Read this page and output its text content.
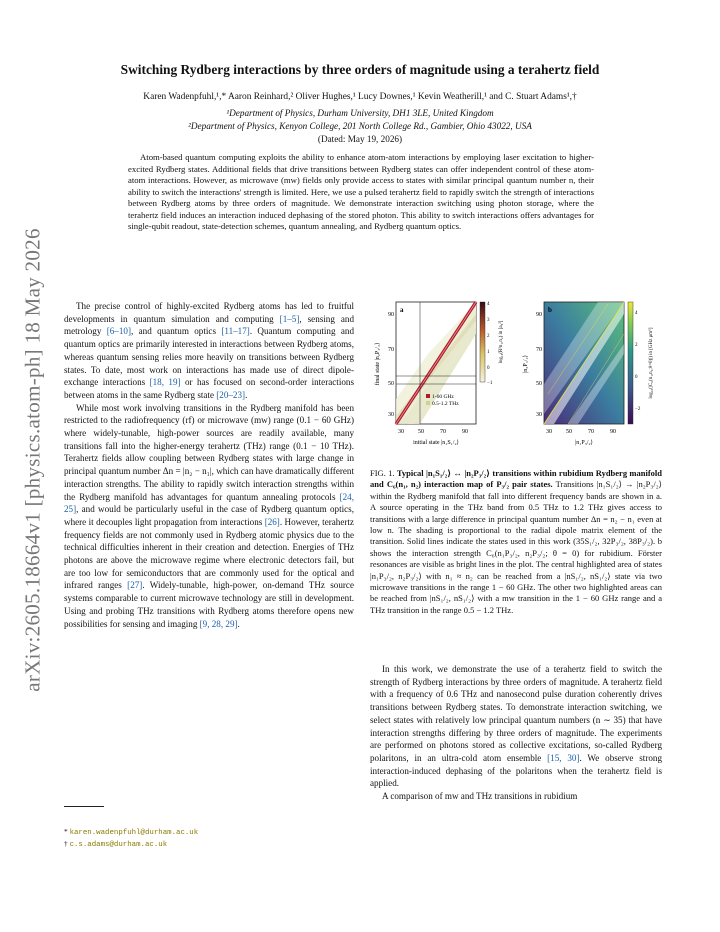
arXiv:2605.18664v1 [physics.atom-ph] 18 May 2026
Switching Rydberg interactions by three orders of magnitude using a terahertz field
Karen Wadenpfuhl,¹,* Aaron Reinhard,² Oliver Hughes,¹ Lucy Downes,¹ Kevin Weatherill,¹ and C. Stuart Adams¹,†
¹Department of Physics, Durham University, DH1 3LE, United Kingdom
²Department of Physics, Kenyon College, 201 North College Rd., Gambier, Ohio 43022, USA
(Dated: May 19, 2026)
Atom-based quantum computing exploits the ability to enhance atom-atom interactions by employing laser excitation to higher-excited Rydberg states. Additional fields that drive transitions between Rydberg states can offer independent control of these atom-atom interactions. However, as microwave (mw) fields only provide access to states with similar principal quantum number n, their ability to switch the interactions' strength is limited. Here, we use a pulsed terahertz field to rapidly switch the strength of interactions between Rydberg atoms by three orders of magnitude. We demonstrate interaction switching using photon storage, where the terahertz field induces an interaction induced dephasing of the stored photon. This ability to switch interactions offers advantages for single-qubit readout, state-detection schemes, quantum annealing, and Rydberg quantum optics.

The precise control of highly-excited Rydberg atoms has led to fruitful developments in quantum simulation and computing [1–5], sensing and metrology [6–10], and quantum optics [11–17]. Quantum computing and quantum optics are primarily interested in interactions between Rydberg atoms, whereas quantum sensing relies more heavily on transitions between Rydberg states. To date, most work on interactions has made use of direct dipole-exchange interactions [18, 19] or has focused on second-order interactions between atoms in the same Rydberg state [20–23].

While most work involving transitions in the Rydberg manifold has been restricted to the radiofrequency (rf) or microwave (mw) range (0.1 − 60 GHz) where widely-tunable, high-power sources are readily available, many transitions fall into the higher-energy terahertz (THz) range (0.1 − 10 THz). Terahertz fields allow coupling between Rydberg states with large change in principal quantum number Δn = |n₂ − n₁|, which can have dramatically different interaction strengths. The ability to rapidly switch interaction strengths within the Rydberg manifold has advantages for quantum annealing protocols [24, 25], and would be particularly useful in the case of Rydberg quantum optics, where it decouples light propagation from interactions [26]. However, terahertz frequency fields are not commonly used in Rydberg atomic physics due to the technical difficulties inherent in their creation and detection. Energies of THz photons are above the microwave regime where electronic detectors fail, but are too low for semiconductors that are commonly used for the optical and infrared ranges [27]. Widely-tunable, high-power, on-demand THz source systems comparable to current microwave technology are still in development. Using and probing THz transitions with Rydberg atoms therefore opens new possibilities for sensing and imaging [9, 28, 29].

* karen.wadenpfuhl@durham.ac.uk
† c.s.adams@durham.ac.uk
a
1-60 GHz
0.5-1.2 THz
30 50	70	90
30
50
70
90
initial state |n₁S₁/₂⟩
final state |n₂P₃/₂⟩
4
3
2
1
0
−1
log₁₀(R²n₁,n₂) in [a₀²]
b
30 50	70	90
30
50
70
90
|n₁P₃/₂⟩
|n₂P₃/₂⟩
4
2
0
−2
log₁₀(|C₆(n₁,n₂;θ=0)|) in [GHz μm⁶]
FIG. 1. Typical |n₁S₁/₂⟩ ↔ |n₂P₃/₂⟩ transitions within rubidium Rydberg manifold and C₆(n₁, n₂) interaction map of P₃/₂ pair states. Transitions |n₁S₁/₂⟩ → |n₂P₃/₂⟩ within the Rydberg manifold that fall into different frequency bands are shown in a. A source operating in the THz band from 0.5 THz to 1.2 THz gives access to transitions with a large difference in principal quantum number Δn = n₂ − n₁ even at low n. The shading is proportional to the radial dipole matrix element of the transition. Solid lines indicate the states used in this work (35S₁/₂, 32P₃/₂, 38P₃/₂). b shows the interaction strength C₆(n₁P₃/₂, n₂P₃/₂; θ = 0) for rubidium. Förster resonances are visible as bright lines in the plot. The central highlighted area of states |n₁P₃/₂, n₂P₃/₂⟩ with n₁ ≈ n₂ can be reached from a |nS₁/₂, nS₁/₂⟩ state via two microwave transitions in the range 1 − 60 GHz. The other two highlighted areas can be reached from |nS₁/₂, nS₁/₂⟩ with a mw transition in the 1 − 60 GHz range and a THz transition in the range 0.5 − 1.2 THz.

In this work, we demonstrate the use of a terahertz field to switch the strength of Rydberg interactions by three orders of magnitude. A terahertz field with a frequency of 0.6 THz and nanosecond pulse duration coherently drives transitions between Rydberg states. To demonstrate interaction switching, we select states with relatively low principal quantum numbers (n ∼ 35) that have interaction strengths differing by three orders of magnitude. The experiments are performed on photons stored as collective excitations, so-called Rydberg polaritons, in an ultra-cold atom ensemble [15, 30]. We observe strong interaction-induced dephasing of the polaritons when the terahertz field is applied.

A comparison of mw and THz transitions in rubidium
